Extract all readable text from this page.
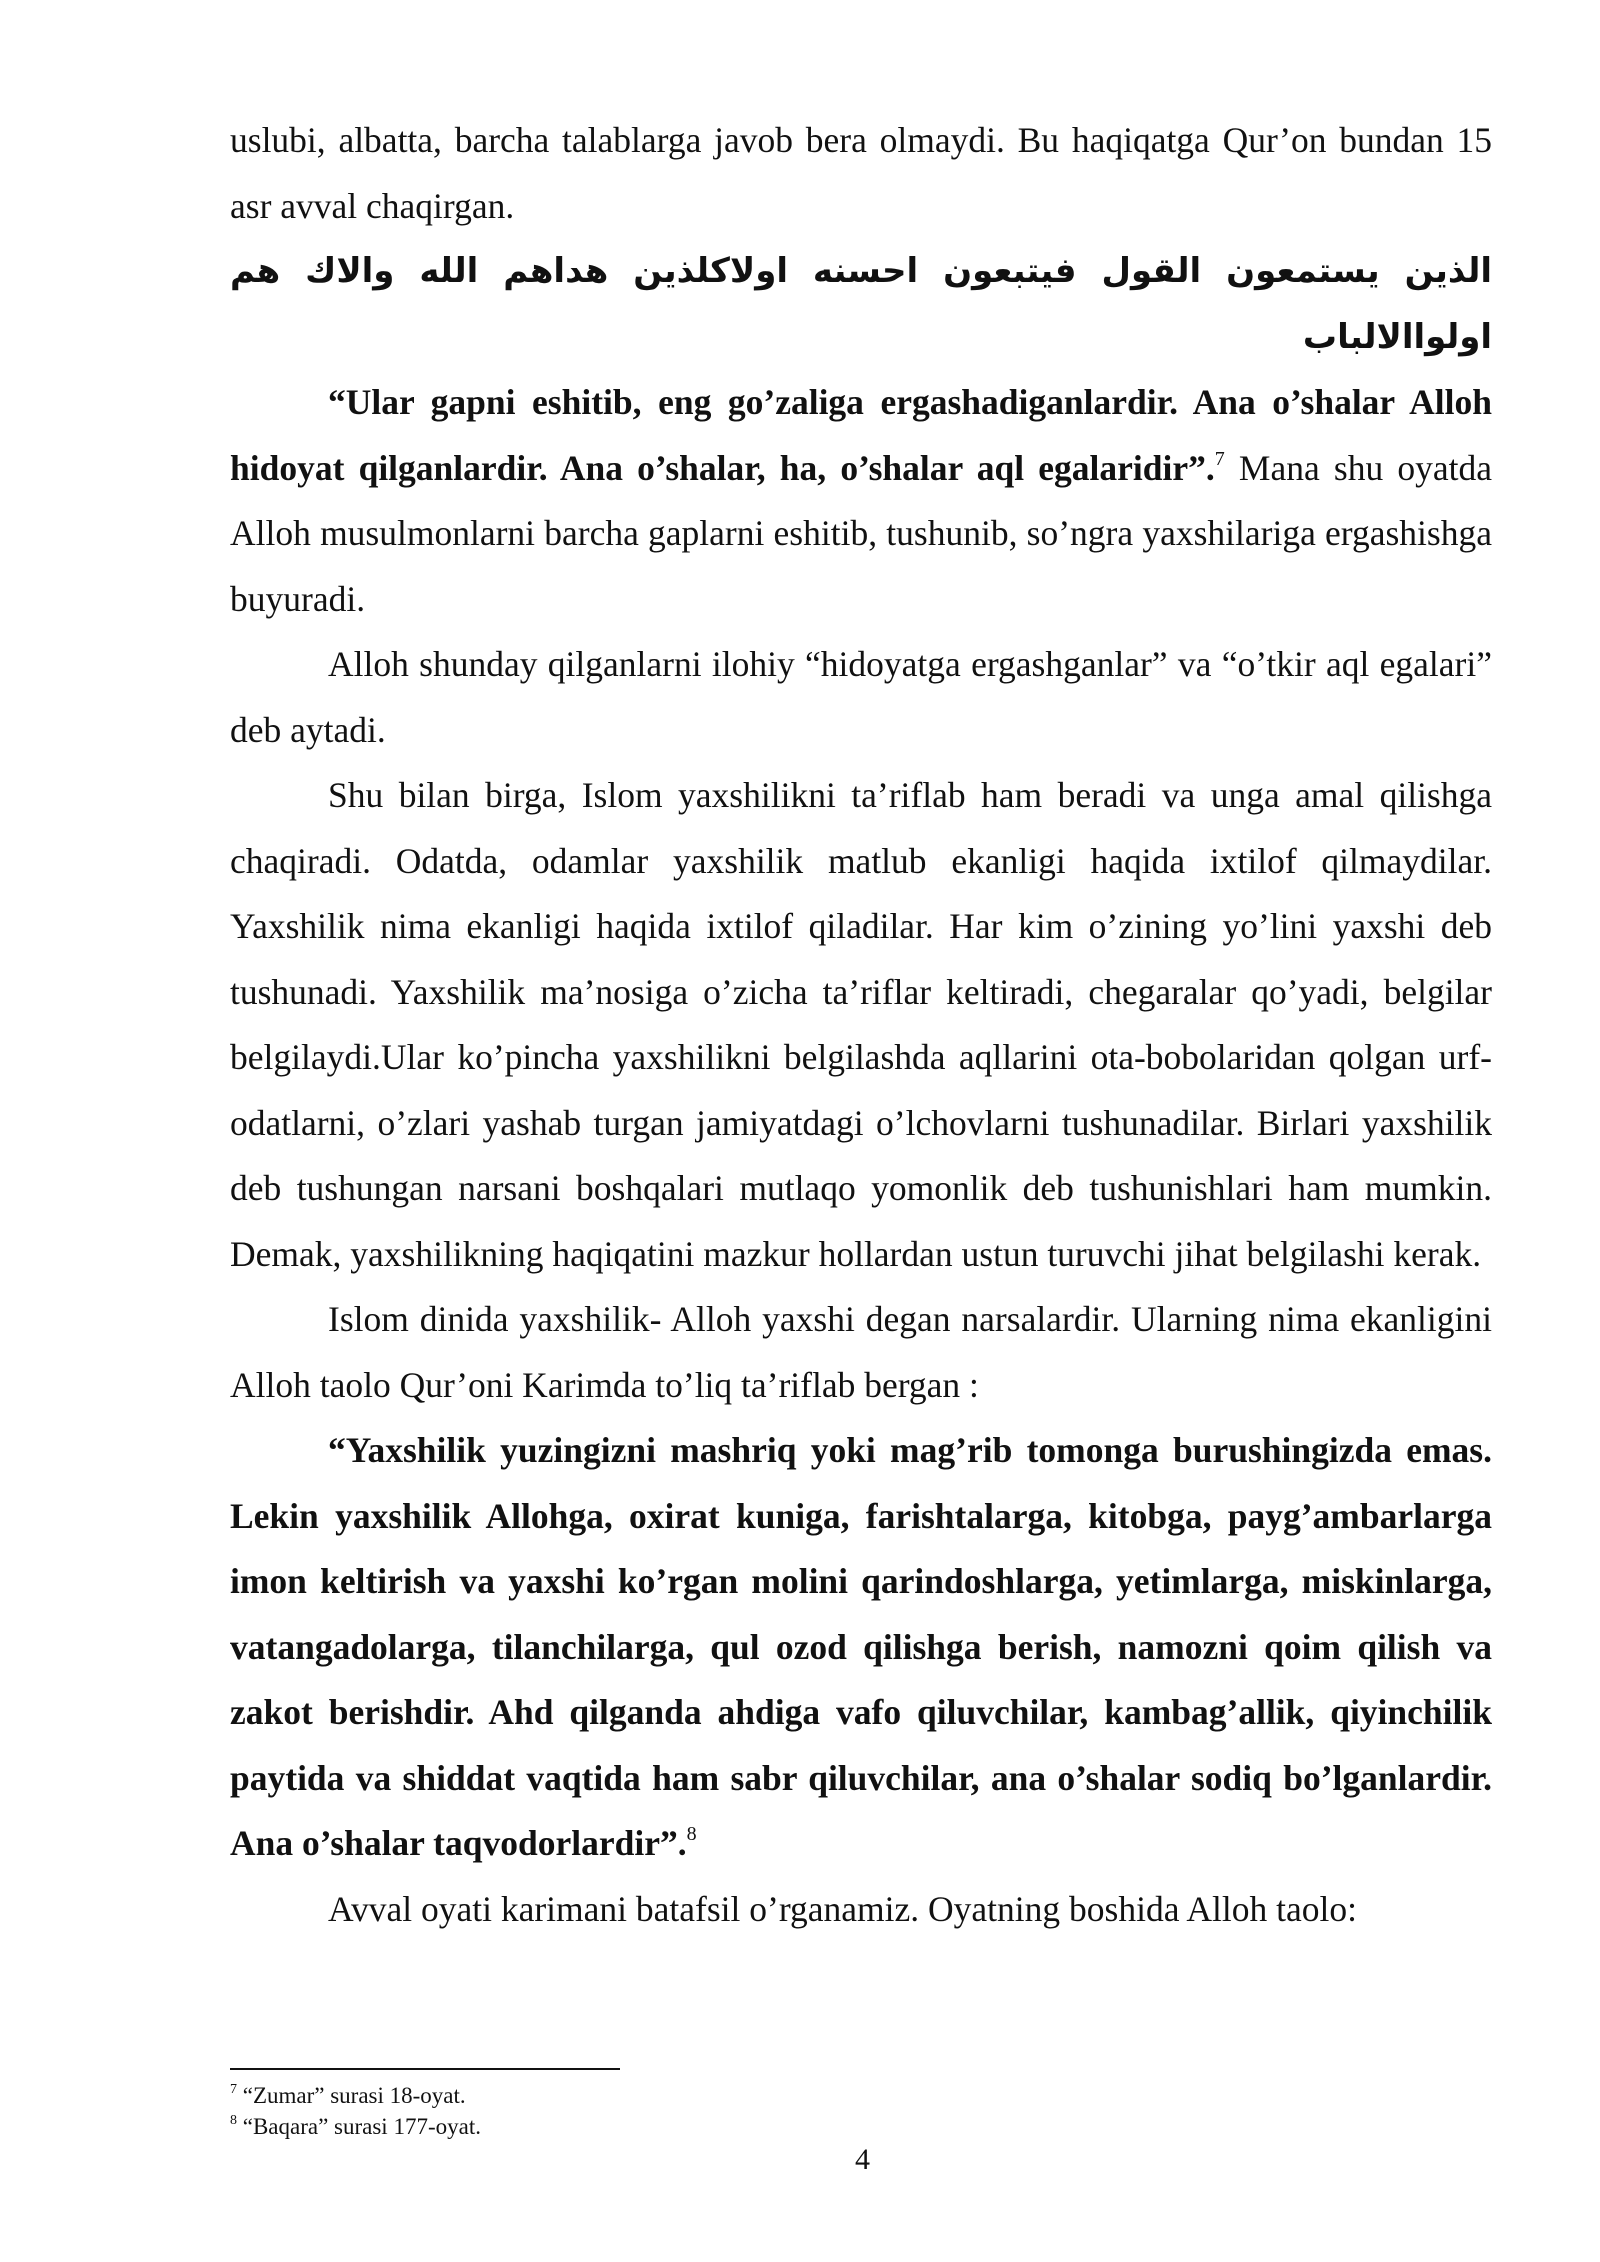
uslubi, albatta, barcha talablarga javob bera olmaydi. Bu haqiqatga Qur’on bundan 15 asr avval chaqirgan.

الذين يستمعون القول فيتبعون احسنه اولاكلذين هداهم الله والاك هم اولواالالباب

“Ular gapni eshitib, eng go’zaliga ergashadiganlardir. Ana o’shalar Alloh hidoyat qilganlardir. Ana o’shalar, ha, o’shalar aql egalaridir”.$^7$ Mana shu oyatda Alloh musulmonlarni barcha gaplarni eshitib, tushunib, so’ngra yaxshilariga ergashishga buyuradi.

Alloh shunday qilganlarni ilohiy “hidoyatga ergashganlar” va “o’tkir aql egalari” deb aytadi.

Shu bilan birga, Islom yaxshilikni ta’riflab ham beradi va unga amal qilishga chaqiradi. Odatda, odamlar yaxshilik matlub ekanligi haqida ixtilof qilmaydilar. Yaxshilik nima ekanligi haqida ixtilof qiladilar. Har kim o’zining yo’lini yaxshi deb tushunadi. Yaxshilik ma’nosiga o’zicha ta’riflar keltiradi, chegaralar qo’yadi, belgilar belgilaydi.Ular ko’pincha yaxshilikni belgilashda aqllarini ota-bobolaridan qolgan urf-odatlarni, o’zlari yashab turgan jamiyatdagi o’lchovlarni tushunadilar. Birlari yaxshilik deb tushungan narsani boshqalari mutlaqo yomonlik deb tushunishlari ham mumkin. Demak, yaxshilikning haqiqatini mazkur hollardan ustun turuvchi jihat belgilashi kerak.

Islom dinida yaxshilik- Alloh yaxshi degan narsalardir. Ularning nima ekanligini Alloh taolo Qur’oni Karimda to’liq ta’riflab bergan :

“Yaxshilik yuzingizni mashriq yoki mag’rib tomonga burushingizda emas. Lekin yaxshilik Allohga, oxirat kuniga, farishtalarga, kitobga, payg’ambarlarga imon keltirish va yaxshi ko’rgan molini qarindoshlarga, yetimlarga, miskinlarga, vatangadolarga, tilanchilarga, qul ozod qilishga berish, namozni qoim qilish va zakot berishdir. Ahd qilganda ahdiga vafo qiluvchilar, kambag’allik, qiyinchilik paytida va shiddat vaqtida ham sabr qiluvchilar, ana o’shalar sodiq bo’lganlardir. Ana o’shalar taqvodorlardir”.$^8$

Avval oyati karimani batafsil o’rganamiz. Oyatning boshida Alloh taolo:

$^7$ “Zumar” surasi 18-oyat.

$^8$ “Baqara” surasi 177-oyat.

4
